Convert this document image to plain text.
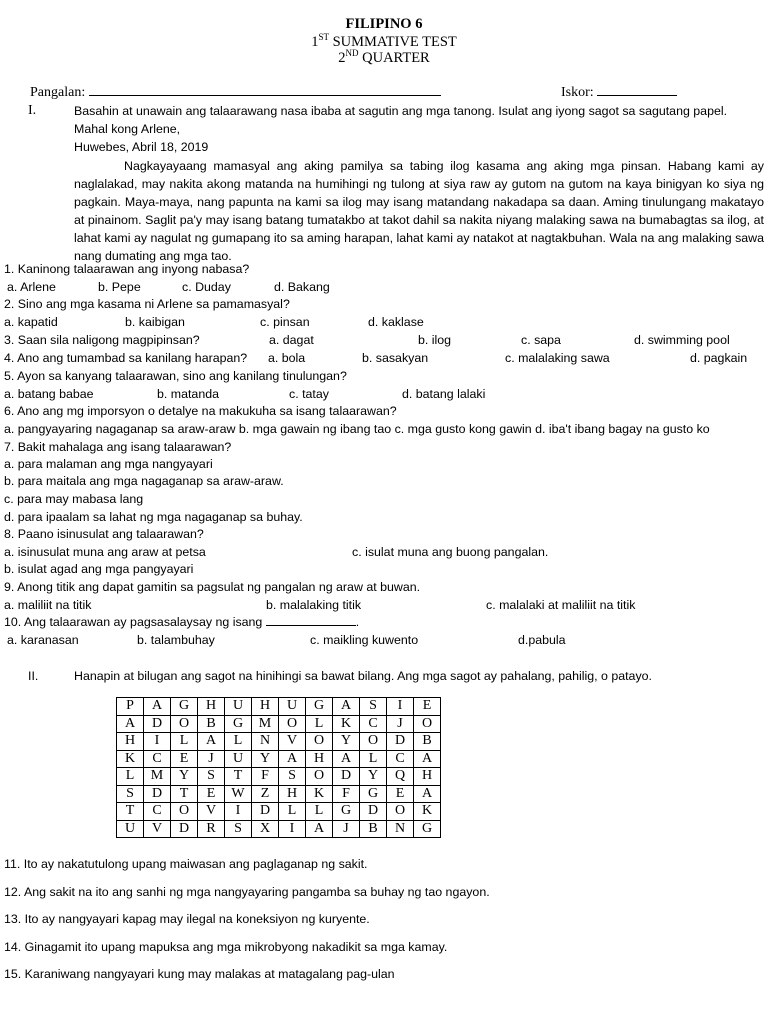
FILIPINO 6
1ST SUMMATIVE TEST
2ND QUARTER
Pangalan:	Iskor:
I.	Basahin at unawain ang talaarawang nasa ibaba at sagutin ang mga tanong. Isulat ang iyong sagot sa sagutang papel.
Mahal kong Arlene,
Huwebes, Abril 18, 2019
Nagkayayaang mamasyal ang aking pamilya sa tabing ilog kasama ang aking mga pinsan. Habang kami ay naglalakad, may nakita akong matanda na humihingi ng tulong at siya raw ay gutom na gutom na kaya binigyan ko siya ng pagkain. Maya-maya, nang papunta na kami sa ilog may isang matandang nakadapa sa daan. Aming tinulungang makatayo at pinainom. Saglit pa'y may isang batang tumatakbo at takot dahil sa nakita niyang malaking sawa na bumabagtas sa ilog, at lahat kami ay nagulat ng gumapang ito sa aming harapan, lahat kami ay natakot at nagtakbuhan. Wala na ang malaking sawa nang dumating ang mga tao.
1. Kaninong talaarawan ang inyong nabasa?
a. Arlene	b. Pepe	c. Duday	d. Bakang
2. Sino ang mga kasama ni Arlene sa pamamasyal?
a. kapatid	b. kaibigan	c. pinsan	d. kaklase
3. Saan sila naligong magpipinsan?	a. dagat	b. ilog	c. sapa	d. swimming pool
4. Ano ang tumambad sa kanilang harapan? a. bola	b. sasakyan	c. malalaking sawa	d. pagkain
5. Ayon sa kanyang talaarawan, sino ang kanilang tinulungan?
a. batang babae	b. matanda	c. tatay	d. batang lalaki
6. Ano ang mg imporsyon o detalye na makukuha sa isang talaarawan?
a. pangyayaring nagaganap sa araw-araw b. mga gawain ng ibang tao c. mga gusto kong gawin d. iba't ibang bagay na gusto ko
7. Bakit mahalaga ang isang talaarawan?
a. para malaman ang mga nangyayari
b. para maitala ang mga nagaganap sa araw-araw.
c. para may mabasa lang
d. para ipaalam sa lahat ng mga nagaganap sa buhay.
8. Paano isinusulat ang talaarawan?
a. isinusulat muna ang araw at petsa	c. isulat muna ang buong pangalan.
b. isulat agad ang mga pangyayari
9. Anong titik ang dapat gamitin sa pagsulat ng pangalan ng araw at buwan.
a. maliliit na titik	b. malalaking titik	c. malalaki at maliliit na titik
10. Ang talaarawan ay pagsasalaysay ng isang	.
a. karanasan	b. talambuhay	c. maikling kuwento	d.pabula
II.	Hanapin at bilugan ang sagot na hinihingi sa bawat bilang. Ang mga sagot ay pahalang, pahilig, o patayo.
P	A	G	H	U	H	U	G	A	S	I	E
A	D	O	B	G	M	O	L	K	C	J	O
H	I	L	A	L	N	V	O	Y	O	D	B
K	C	E	J	U	Y	A	H	A	L	C	A
L	M	Y	S	T	F	S	O	D	Y	Q	H
S	D	T	E	W	Z	H	K	F	G	E	A
T	C	O	V	I	D	L	L	G	D	O	K
U	V	D	R	S	X	I	A	J	B	N	G
11. Ito ay nakatutulong upang maiwasan ang paglaganap ng sakit.
12. Ang sakit na ito ang sanhi ng mga nangyayaring pangamba sa buhay ng tao ngayon.
13. Ito ay nangyayari kapag may ilegal na koneksiyon ng kuryente.
14. Ginagamit ito upang mapuksa ang mga mikrobyong nakadikit sa mga kamay.
15. Karaniwang nangyayari kung may malakas at matagalang pag-ulan
